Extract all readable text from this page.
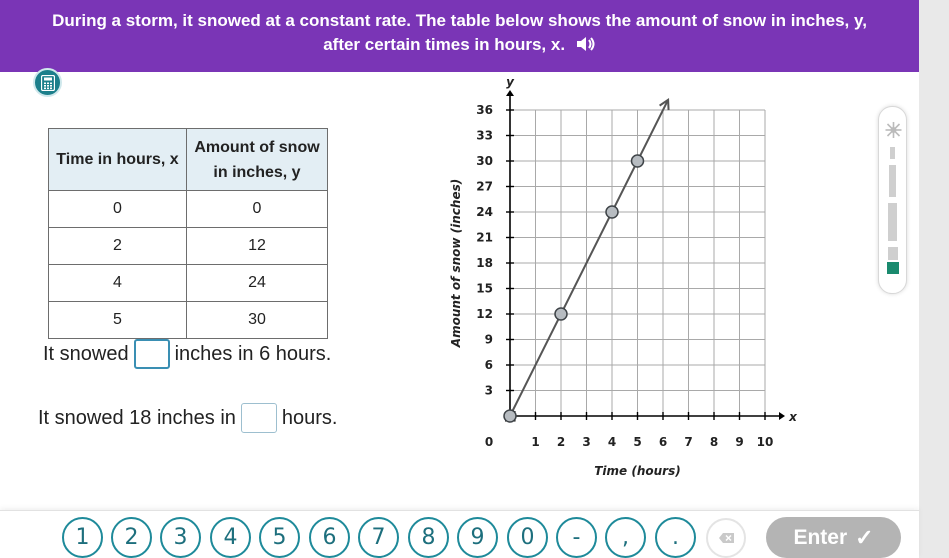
During a storm, it snowed at a constant rate. The table below shows the amount of snow in inches, y,
after certain times in hours, x.
Time in hours, x	Amount of snow
in inches, y
0	0
2	12
4	24
5	30
It snowed inches in 6 hours.
It snowed 18 inches in hours.
1 2 3 4 5 6 7 8 9 10
3
6
9
12
15
18
21
24
27
30
33
36
x
y
0
Time (hours)
Amount of snow (inches)
1	2	3	4	5	6	7	8	9	0	-	,	.	Enter ✓
